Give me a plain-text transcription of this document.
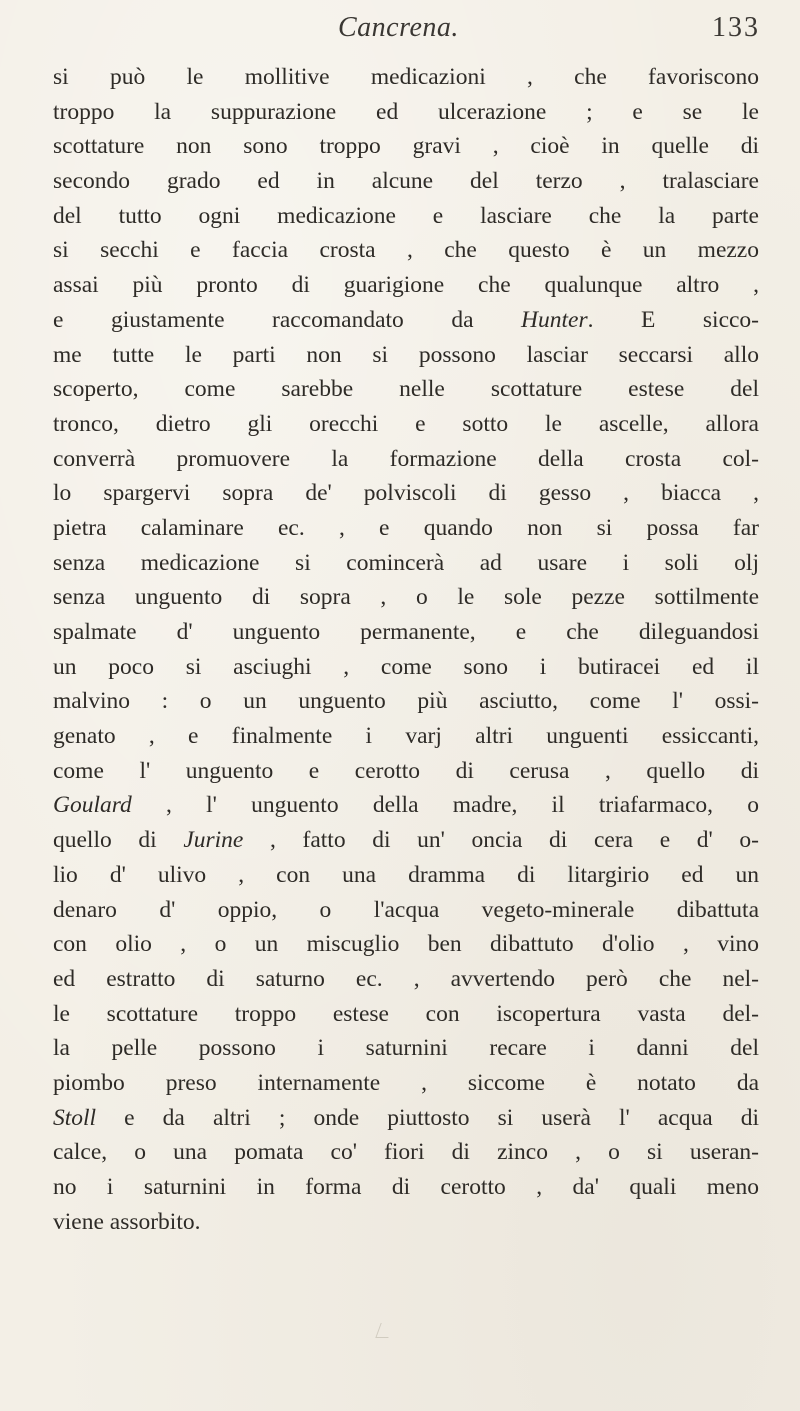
Cancrena.	133
si può le mollitive medicazioni , che favoriscono
troppo la suppurazione ed ulcerazione ; e se le
scottature non sono troppo gravi , cioè in quelle di
secondo grado ed in alcune del terzo , tralasciare
del tutto ogni medicazione e lasciare che la parte
si secchi e faccia crosta , che questo è un mezzo
assai più pronto di guarigione che qualunque altro ,
e giustamente raccomandato da Hunter. E sicco-
me tutte le parti non si possono lasciar seccarsi allo
scoperto, come sarebbe nelle scottature estese del
tronco, dietro gli orecchi e sotto le ascelle, allora
converrà promuovere la formazione della crosta col-
lo spargervi sopra de' polviscoli di gesso , biacca ,
pietra calaminare ec. , e quando non si possa far
senza medicazione si comincerà ad usare i soli olj
senza unguento di sopra , o le sole pezze sottilmente
spalmate d' unguento permanente, e che dileguandosi
un poco si asciughi , come sono i butiracei ed il
malvino : o un unguento più asciutto, come l' ossi-
genato , e finalmente i varj altri unguenti essiccanti,
come l' unguento e cerotto di cerusa , quello di
Goulard , l' unguento della madre, il triafarmaco, o
quello di Jurine , fatto di un' oncia di cera e d' o-
lio d' ulivo , con una dramma di litargirio ed un
denaro d' oppio, o l'acqua vegeto-minerale dibattuta
con olio , o un miscuglio ben dibattuto d'olio , vino
ed estratto di saturno ec. , avvertendo però che nel-
le scottature troppo estese con iscopertura vasta del-
la pelle possono i saturnini recare i danni del
piombo preso internamente , siccome è notato da
Stoll e da altri ; onde piuttosto si userà l' acqua di
calce, o una pomata co' fiori di zinco , o si useran-
no i saturnini in forma di cerotto , da' quali meno
viene assorbito.
